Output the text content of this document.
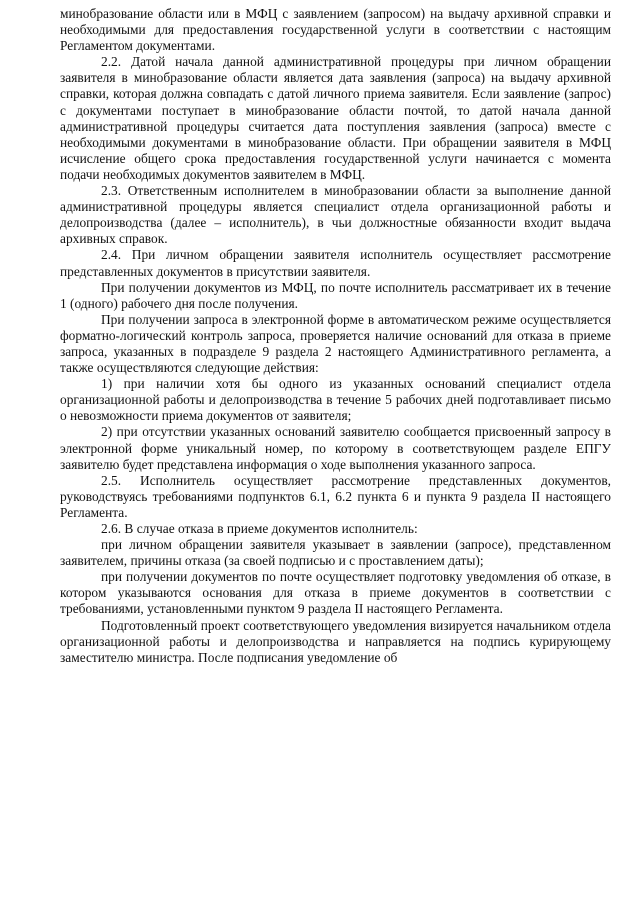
минобразование области или в МФЦ с заявлением (запросом) на выдачу архивной справки и необходимыми для предоставления государственной услуги в соответствии с настоящим Регламентом документами.

2.2. Датой начала данной административной процедуры при личном обращении заявителя в минобразование области является дата заявления (запроса) на выдачу архивной справки, которая должна совпадать с датой личного приема заявителя. Если заявление (запрос) с документами поступает в минобразование области почтой, то датой начала данной административной процедуры считается дата поступления заявления (запроса) вместе с необходимыми документами в минобразование области. При обращении заявителя в МФЦ исчисление общего срока предоставления государственной услуги начинается с момента подачи необходимых документов заявителем в МФЦ.

2.3. Ответственным исполнителем в минобразовании области за выполнение данной административной процедуры является специалист отдела организационной работы и делопроизводства (далее – исполнитель), в чьи должностные обязанности входит выдача архивных справок.

2.4. При личном обращении заявителя исполнитель осуществляет рассмотрение представленных документов в присутствии заявителя.

При получении документов из МФЦ, по почте исполнитель рассматривает их в течение 1 (одного) рабочего дня после получения.

При получении запроса в электронной форме в автоматическом режиме осуществляется форматно-логический контроль запроса, проверяется наличие оснований для отказа в приеме запроса, указанных в подразделе 9 раздела 2 настоящего Административного регламента, а также осуществляются следующие действия:

1) при наличии хотя бы одного из указанных оснований специалист отдела организационной работы и делопроизводства в течение 5 рабочих дней подготавливает письмо о невозможности приема документов от заявителя;

2) при отсутствии указанных оснований заявителю сообщается присвоенный запросу в электронной форме уникальный номер, по которому в соответствующем разделе ЕПГУ заявителю будет представлена информация о ходе выполнения указанного запроса.

2.5. Исполнитель осуществляет рассмотрение представленных документов, руководствуясь требованиями подпунктов 6.1, 6.2 пункта 6 и пункта 9 раздела II настоящего Регламента.

2.6. В случае отказа в приеме документов исполнитель:

при личном обращении заявителя указывает в заявлении (запросе), представленном заявителем, причины отказа (за своей подписью и с проставлением даты);

при получении документов по почте осуществляет подготовку уведомления об отказе, в котором указываются основания для отказа в приеме документов в соответствии с требованиями, установленными пунктом 9 раздела II настоящего Регламента.

Подготовленный проект соответствующего уведомления визируется начальником отдела организационной работы и делопроизводства и направляется на подпись курирующему заместителю министра. После подписания уведомление об
